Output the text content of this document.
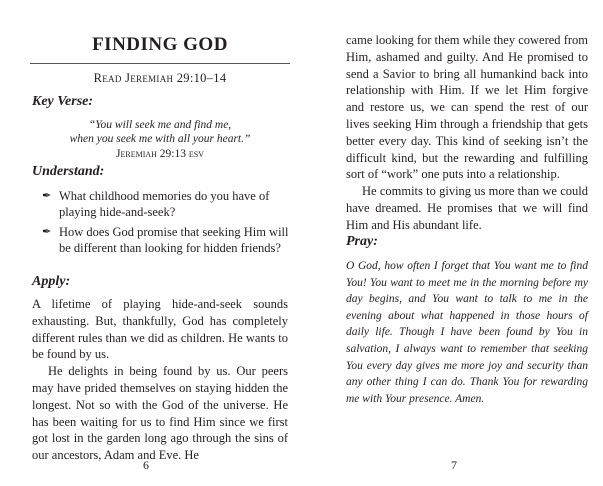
FINDING GOD
Read Jeremiah 29:10–14
Key Verse:
“You will seek me and find me,
when you seek me with all your heart.”
Jeremiah 29:13 esv
Understand:
✒ What childhood memories do you have of playing hide-and-seek?
✒ How does God promise that seeking Him will be different than looking for hidden friends?
Apply:

A lifetime of playing hide-and-seek sounds exhausting. But, thankfully, God has completely different rules than we did as children. He wants to be found by us.

He delights in being found by us. Our peers may have prided themselves on staying hidden the longest. Not so with the God of the universe. He has been waiting for us to find Him since we first got lost in the garden long ago through the sins of our ancestors, Adam and Eve. He

6

came looking for them while they cowered from Him, ashamed and guilty. And He promised to send a Savior to bring all humankind back into relationship with Him. If we let Him forgive and restore us, we can spend the rest of our lives seeking Him through a friendship that gets better every day. This kind of seeking isn’t the difficult kind, but the rewarding and fulfilling sort of “work” one puts into a relationship.

He commits to giving us more than we could have dreamed. He promises that we will find Him and His abundant life.

Pray:
O God, how often I forget that You want me to find You! You want to meet me in the morning before my day begins, and You want to talk to me in the evening about what happened in those hours of daily life. Though I have been found by You in salvation, I always want to remember that seeking You every day gives me more joy and security than any other thing I can do. Thank You for rewarding me with Your presence. Amen.
7
